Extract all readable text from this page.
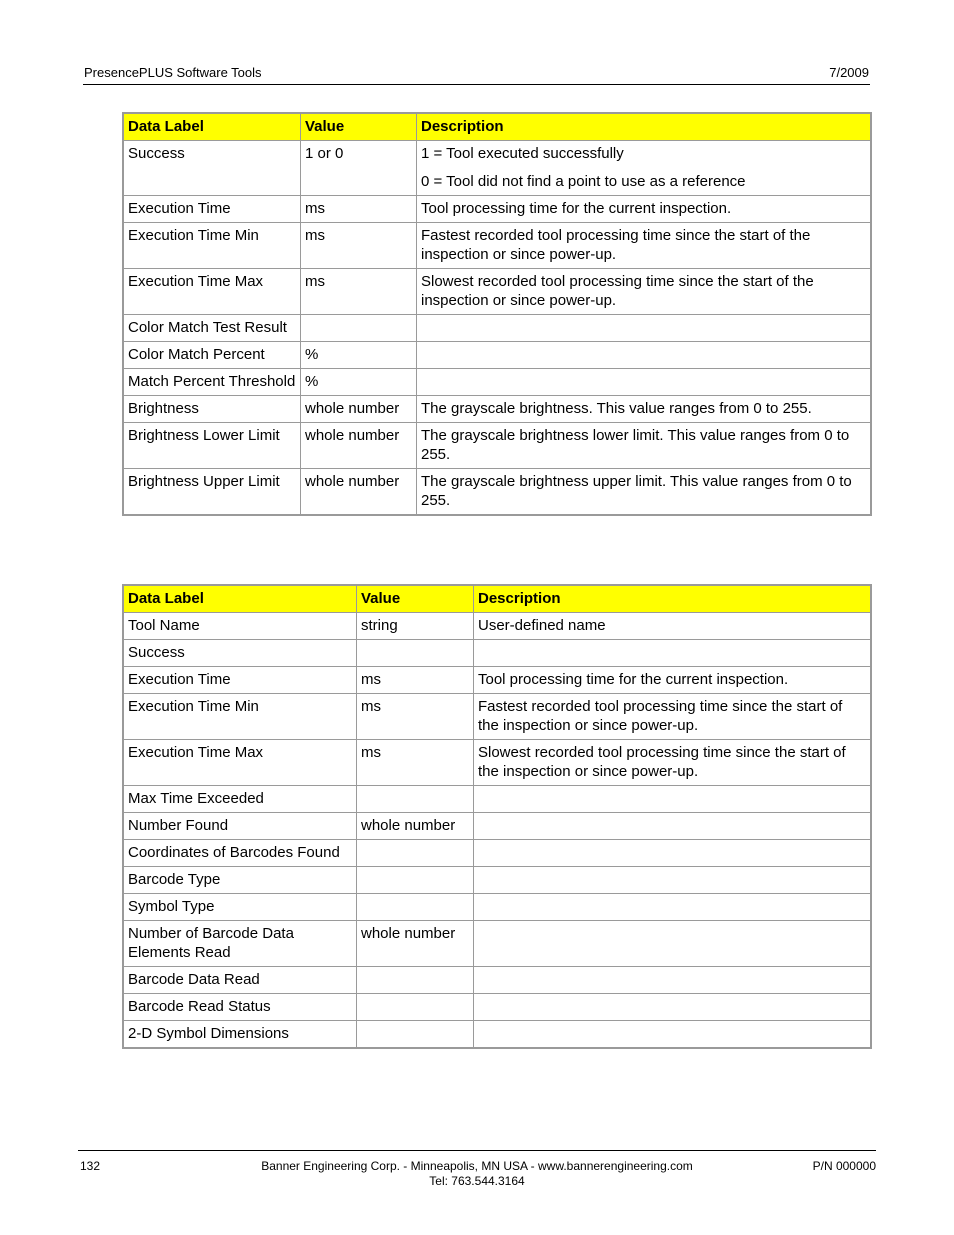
PresencePLUS Software Tools	7/2009
Data Label	Value	Description
Success	1 or 0	1 = Tool executed successfully
0 = Tool did not find a point to use as a reference

Execution Time	ms	Tool processing time for the current inspection.

Execution Time Min	ms	Fastest recorded tool processing time since the start of the inspection or since power-up.

Execution Time Max	ms	Slowest recorded tool processing time since the start of the inspection or since power-up.

Color Match Test Result		

Color Match Percent	%	

Match Percent Threshold	%	

Brightness	whole number	The grayscale brightness. This value ranges from 0 to 255.

Brightness Lower Limit	whole number	The grayscale brightness lower limit. This value ranges from 0 to 255.

Brightness Upper Limit	whole number	The grayscale brightness upper limit. This value ranges from 0 to 255.
Data Label	Value	Description
Tool Name	string	User-defined name

Success		

Execution Time	ms	Tool processing time for the current inspection.

Execution Time Min	ms	Fastest recorded tool processing time since the start of the inspection or since power-up.

Execution Time Max	ms	Slowest recorded tool processing time since the start of the inspection or since power-up.

Max Time Exceeded		

Number Found	whole number	

Coordinates of Barcodes Found		

Barcode Type		

Symbol Type		

Number of Barcode Data Elements Read	whole number	

Barcode Data Read		

Barcode Read Status		

2-D Symbol Dimensions		
132	Banner Engineering Corp. - Minneapolis, MN USA - www.bannerengineering.com
Tel: 763.544.3164
P/N 000000
